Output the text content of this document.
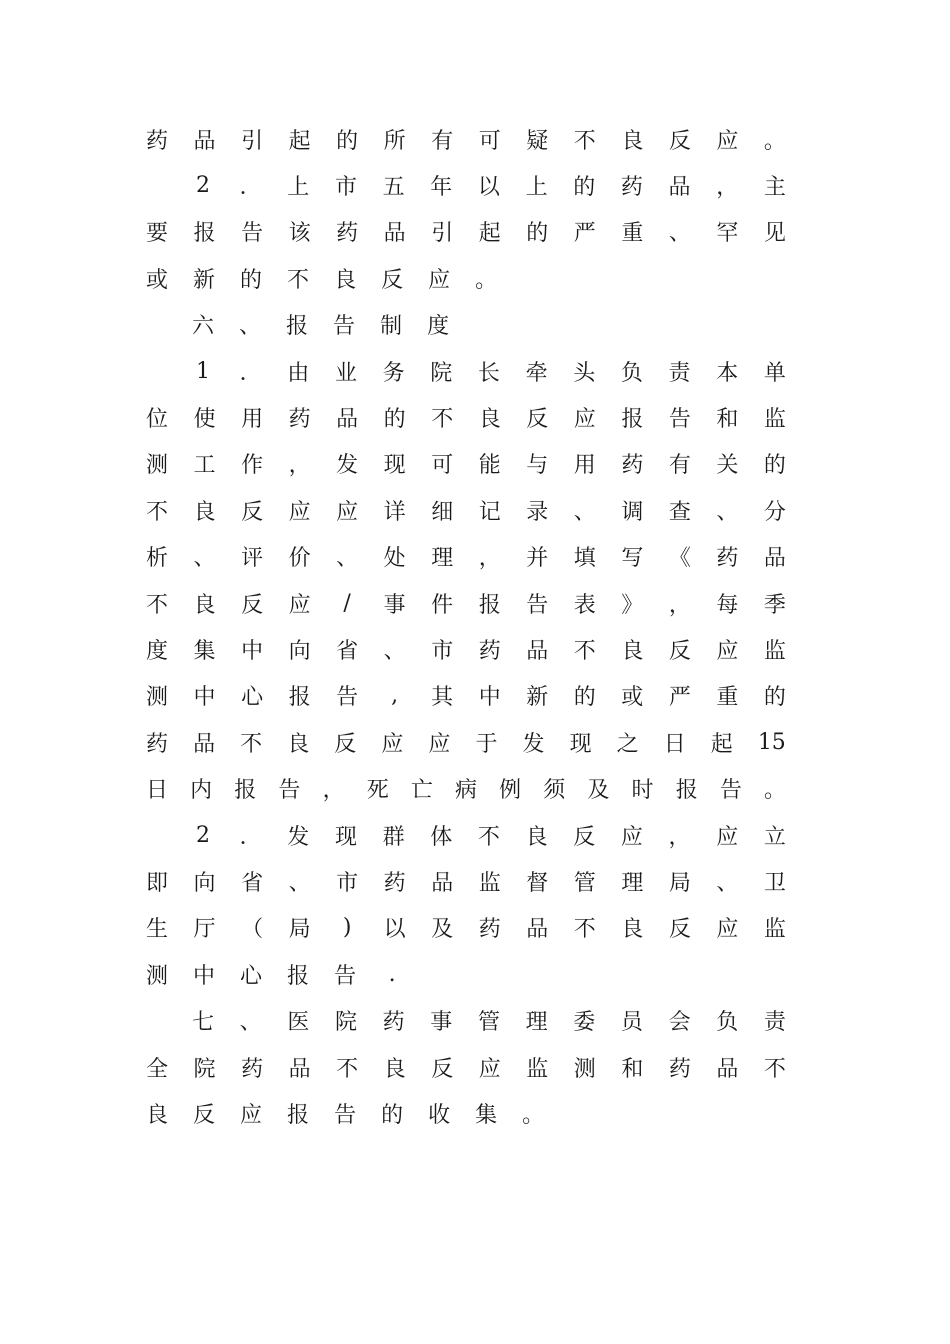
药 品 引 起 的 所 有 可 疑 不 良 反 应 。
2 ． 上 市 五 年 以 上 的 药 品 ， 主
要 报 告 该 药 品 引 起 的 严 重 、 罕 见
或 新 的 不 良 反 应 。
六 、 报 告 制 度
1 ． 由 业 务 院 长 牵 头 负 责 本 单
位 使 用 药 品 的 不 良 反 应 报 告 和 监
测 工 作 ， 发 现 可 能 与 用 药 有 关 的
不 良 反 应 应 详 细 记 录 、 调 查 、 分
析 、 评 价 、 处 理 ， 并 填 写 《 药 品
不 良 反 应	/	事 件 报 告 表 》 ， 每 季
度 集 中 向 省 、 市 药 品 不 良 反 应 监
测 中 心 报 告	,	其 中 新 的 或 严 重 的
药 品 不 良 反 应 应 于 发 现 之 日 起 15
日 内 报 告 ， 死 亡 病 例 须 及 时 报 告 。
2 ． 发 现 群 体 不 良 反 应 ， 应 立
即 向 省 、 市 药 品 监 督 管 理 局 、 卫
生 厅 （ 局	)	以 及 药 品 不 良 反 应 监
测 中 心 报 告	.
七 、 医 院 药 事 管 理 委 员 会 负 责
全 院 药 品 不 良 反 应 监 测 和 药 品 不
良 反 应 报 告 的 收 集 。
